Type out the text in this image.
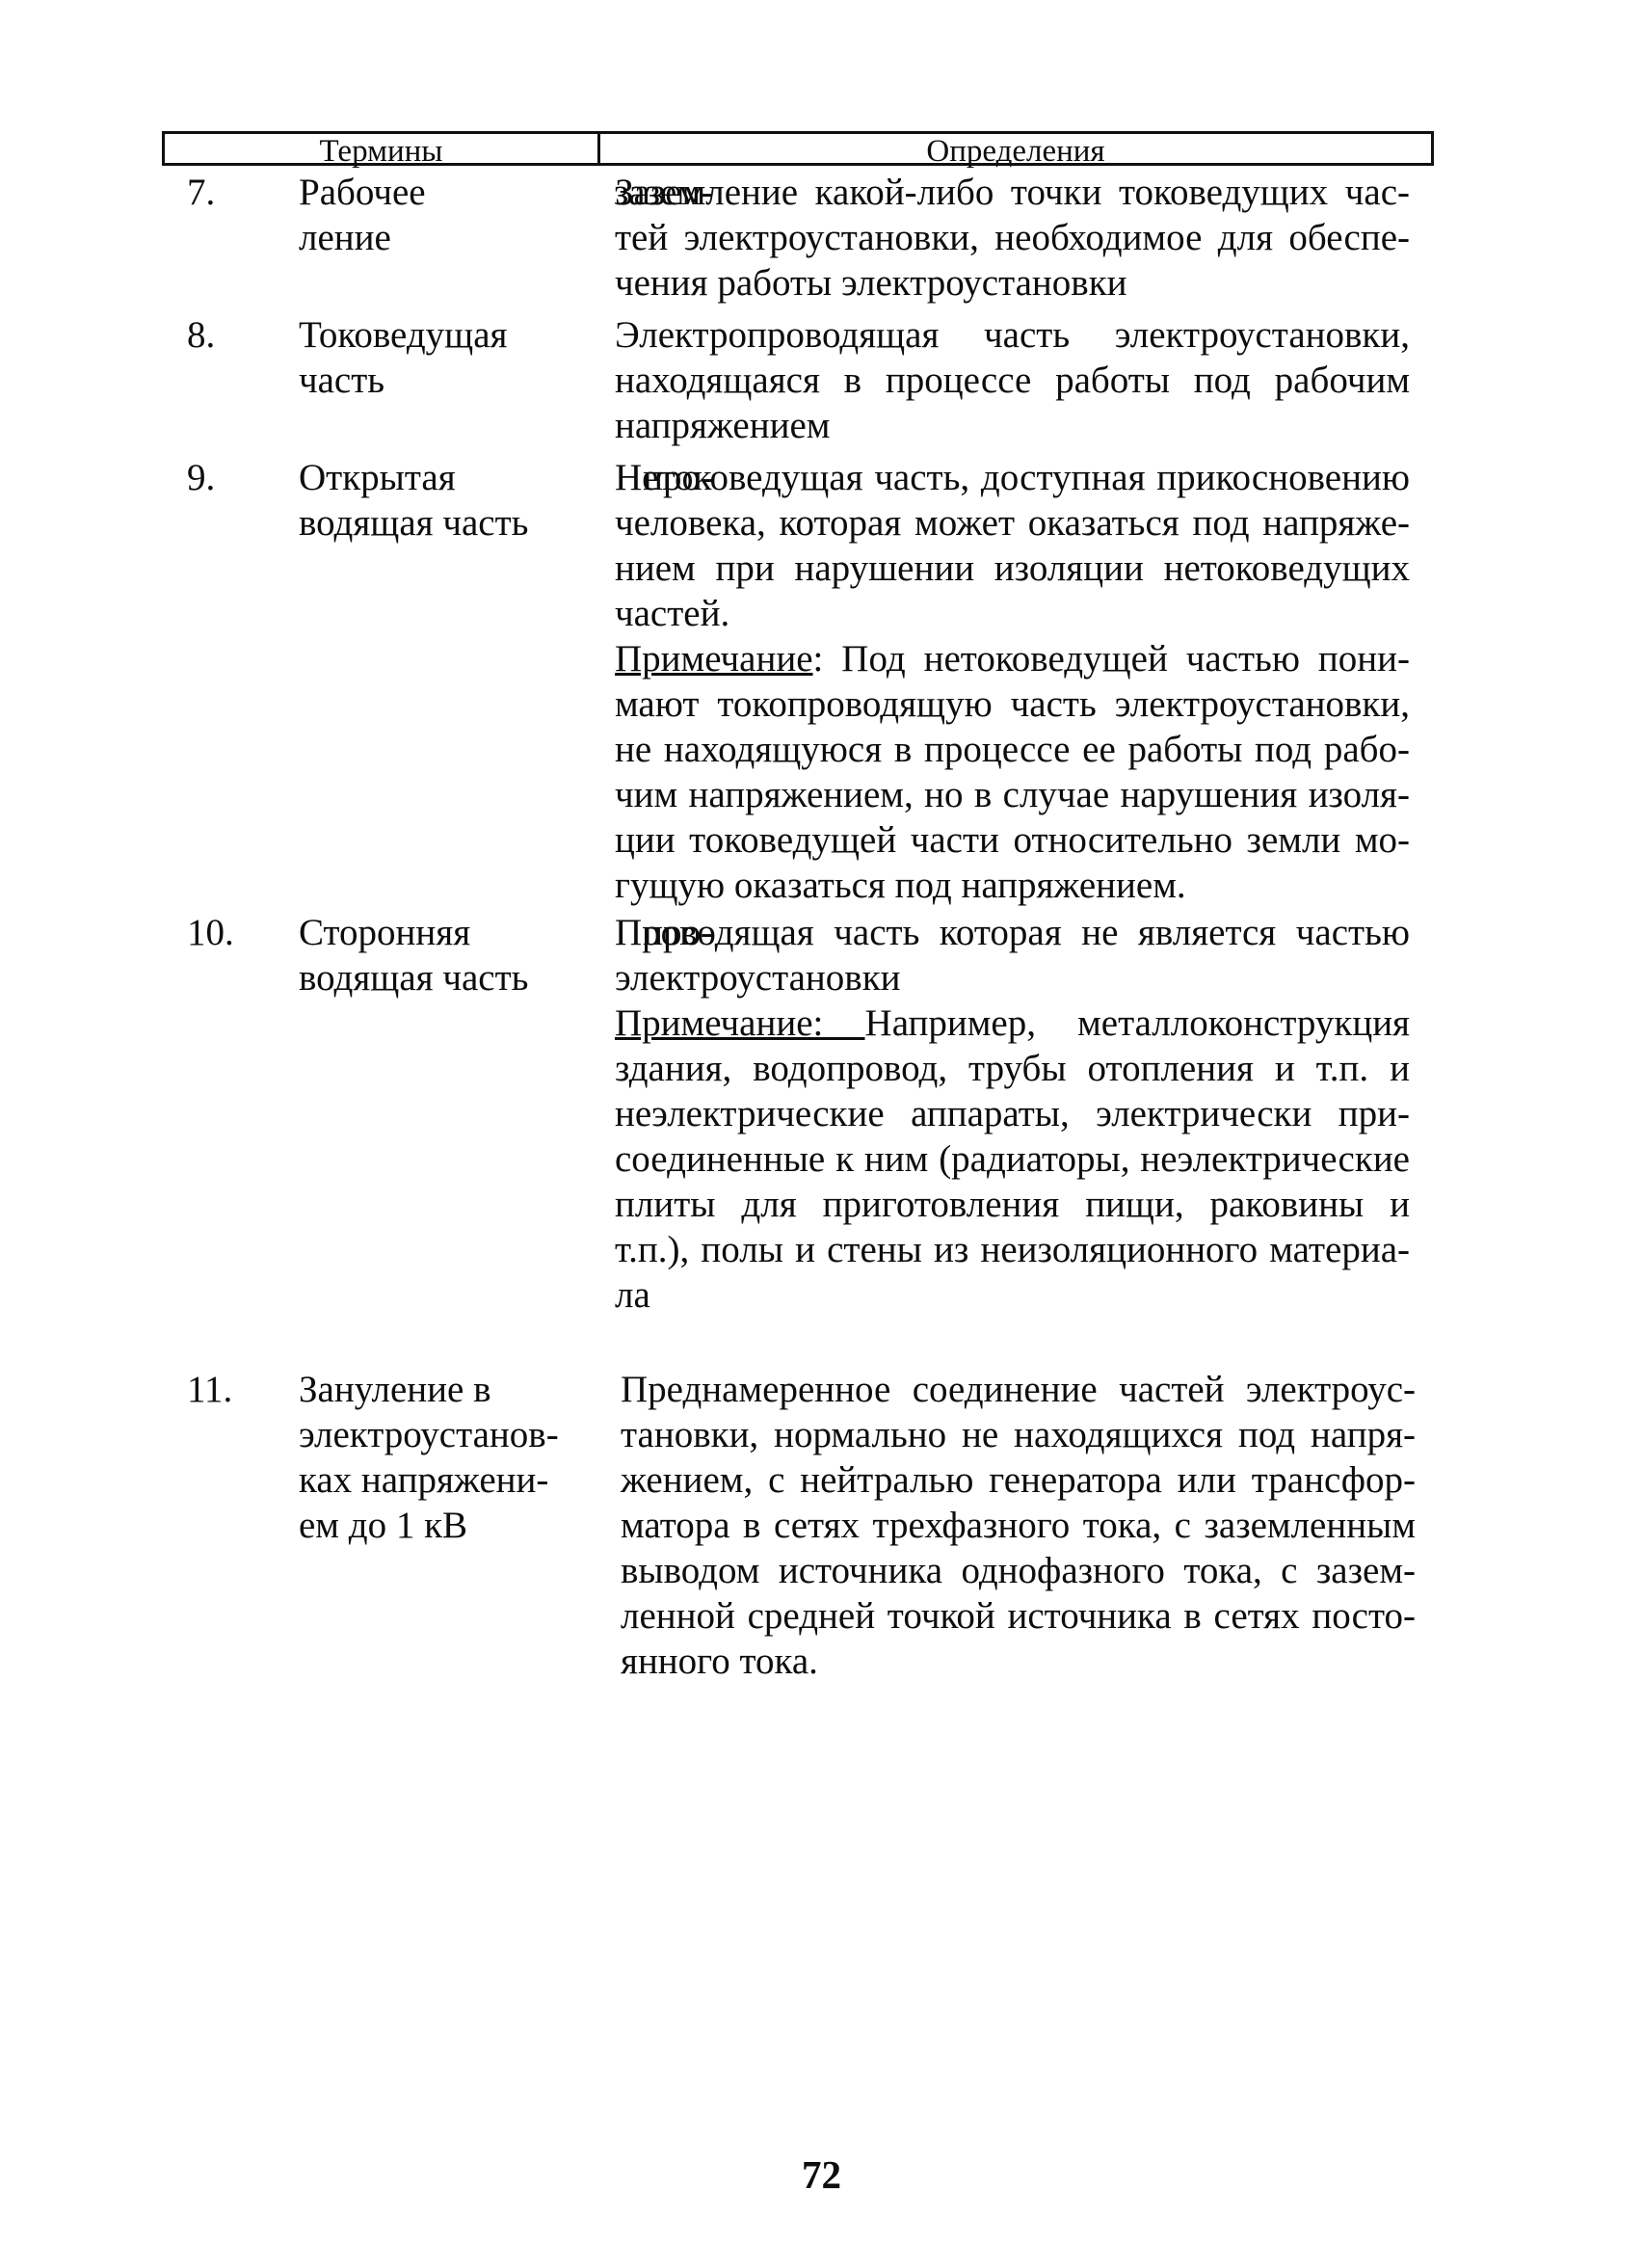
Термины	Определения
7. Рабочее зазем-
ление
Заземление какой-либо точки токоведущих час-
тей электроустановки, необходимое для обеспе-
чения работы электроустановки
8. Токоведущая
часть
Электропроводящая часть электроустановки,
находящаяся в процессе работы под рабочим
напряжением
9. Открытая про-
водящая часть
Нетоковедущая часть, доступная прикосновению
человека, которая может оказаться под напряже-
нием при нарушении изоляции нетоковедущих
частей.
Примечание: Под нетоковедущей частью пони-
мают токопроводящую часть электроустановки,
не находящуюся в процессе ее работы под рабо-
чим напряжением, но в случае нарушения изоля-
ции токоведущей части относительно земли мо-
гущую оказаться под напряжением.
10. Сторонняя про-
водящая часть
Проводящая часть которая не является частью
электроустановки
Примечание: Например, металлоконструкция
здания, водопровод, трубы отопления и т.п. и
неэлектрические аппараты, электрически при-
соединенные к ним (радиаторы, неэлектрические
плиты для приготовления пищи, раковины и
т.п.), полы и стены из неизоляционного материа-
ла
11. Зануление в
электроустанов-
ках напряжени-
ем до 1 кВ
Преднамеренное соединение частей электроус-
тановки, нормально не находящихся под напря-
жением, с нейтралью генератора или трансфор-
матора в сетях трехфазного тока, с заземленным
выводом источника однофазного тока, с зазем-
ленной средней точкой источника в сетях посто-
янного тока.
72
